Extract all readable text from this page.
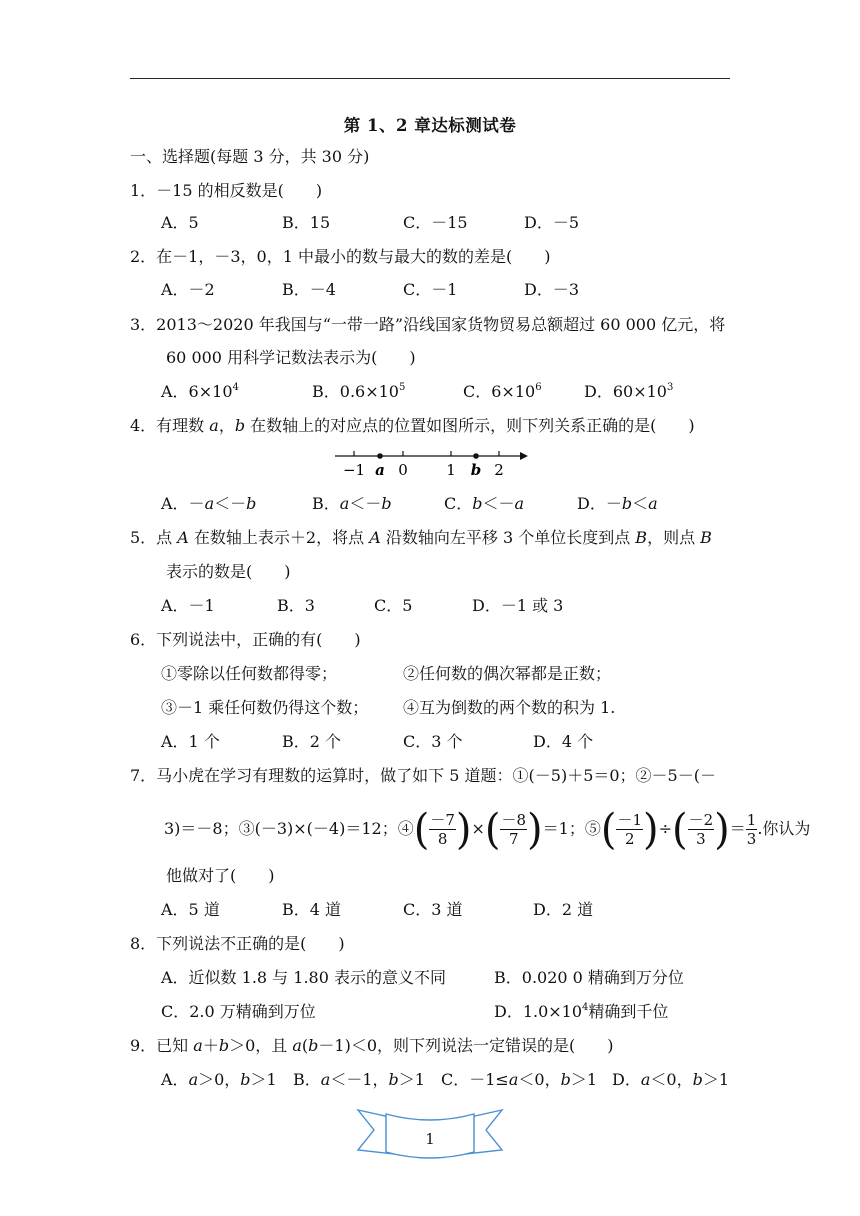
第 1、2 章达标测试卷
一、选择题(每题 3 分，共 30 分)
1．－15 的相反数是(　　)
A．5	B．15	C．－15	D．－5
2．在－1，－3，0，1 中最小的数与最大的数的差是(　　)
A．－2	B．－4	C．－1	D．－3
3．2013～2020 年我国与“一带一路”沿线国家货物贸易总额超过 60 000 亿元，将
60 000 用科学记数法表示为(　　)
A．$6\times 10^4$	B．$0.6\times 10^5$	C．$6\times 10^6$	D．$60\times 10^3$
4．有理数 a，b 在数轴上的对应点的位置如图所示，则下列关系正确的是(　　)
−1 a 0	1 b 2
A．－a＜－b	B．a＜－b	C．b＜－a	D．－b＜a
5．点 A 在数轴上表示＋2，将点 A 沿数轴向左平移 3 个单位长度到点 B，则点 B
表示的数是(　　)
A．－1	B．3	C．5	D．－1 或 3
6．下列说法中，正确的有(　　)
①零除以任何数都得零；	②任何数的偶次幂都是正数；
③－1 乘任何数仍得这个数； ④互为倒数的两个数的积为 1.
A．1 个	B．2 个	C．3 个	D．4 个
7．马小虎在学习有理数的运算时，做了如下 5 道题：①(－5)＋5＝0；②－5－(－
3)＝－8；③(－3)×(－4)＝12；④( $\frac{-7}{8}$ )×( $\frac{-8}{7} )=1$；⑤( $\frac{-1}{2}$ )÷( $\frac{-2}{3}$ )＝ $\frac{1}{3}$ .你认为
他做对了(　　)
A．5 道	B．4 道	C．3 道	D．2 道
8．下列说法不正确的是(　　)
A．近似数 1.8 与 1.80 表示的意义不同	B．0.020 0 精确到万分位
C．2.0 万精确到万位	D．$1.0\times 10^4$精确到千位
9．已知 a＋b＞0，且 a(b－1)＜0，则下列说法一定错误的是(　　)
A．a＞0，b＞1 B．a＜－1，b＞1 C．－1≤a＜0，b＞1 D．a＜0，b＞1
1
